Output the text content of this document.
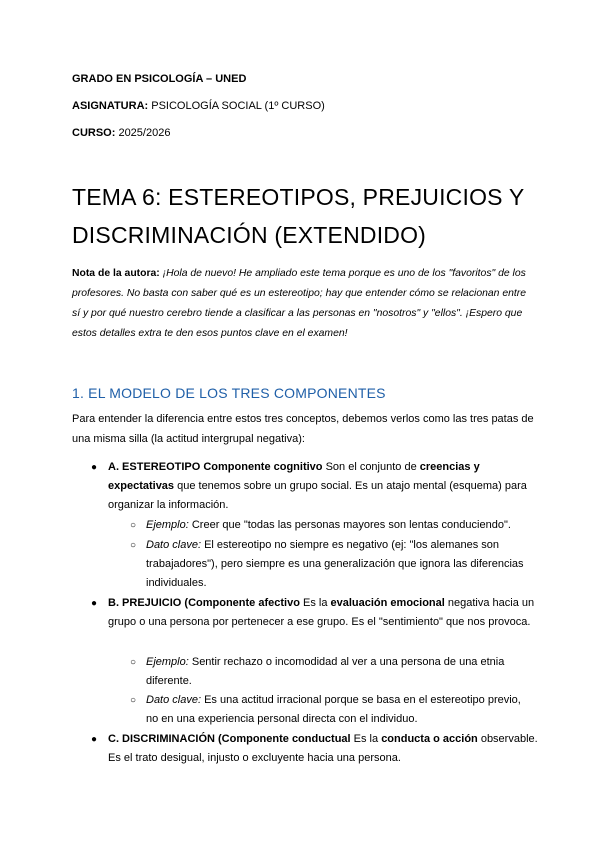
GRADO EN PSICOLOGÍA – UNED
ASIGNATURA: PSICOLOGÍA SOCIAL (1º CURSO)
CURSO: 2025/2026
TEMA 6: ESTEREOTIPOS, PREJUICIOS Y
DISCRIMINACIÓN (EXTENDIDO)
Nota de la autora: ¡Hola de nuevo! He ampliado este tema porque es uno de los "favoritos" de los profesores. No basta con saber qué es un estereotipo; hay que entender cómo se relacionan entre sí y por qué nuestro cerebro tiende a clasificar a las personas en "nosotros" y "ellos". ¡Espero que estos detalles extra te den esos puntos clave en el examen!
1. EL MODELO DE LOS TRES COMPONENTES
Para entender la diferencia entre estos tres conceptos, debemos verlos como las tres patas de una misma silla (la actitud intergrupal negativa):
● A. ESTEREOTIPO Componente cognitivo Son el conjunto de creencias y expectativas que tenemos sobre un grupo social. Es un atajo mental (esquema) para organizar la información.
○ Ejemplo: Creer que "todas las personas mayores son lentas conduciendo".
○ Dato clave: El estereotipo no siempre es negativo (ej: "los alemanes son trabajadores"), pero siempre es una generalización que ignora las diferencias individuales.
● B. PREJUICIO (Componente afectivo Es la evaluación emocional negativa hacia un grupo o una persona por pertenecer a ese grupo. Es el "sentimiento" que nos provoca.
○ Ejemplo: Sentir rechazo o incomodidad al ver a una persona de una etnia diferente.
○ Dato clave: Es una actitud irracional porque se basa en el estereotipo previo, no en una experiencia personal directa con el individuo.
● C. DISCRIMINACIÓN (Componente conductual Es la conducta o acción observable. Es el trato desigual, injusto o excluyente hacia una persona.
